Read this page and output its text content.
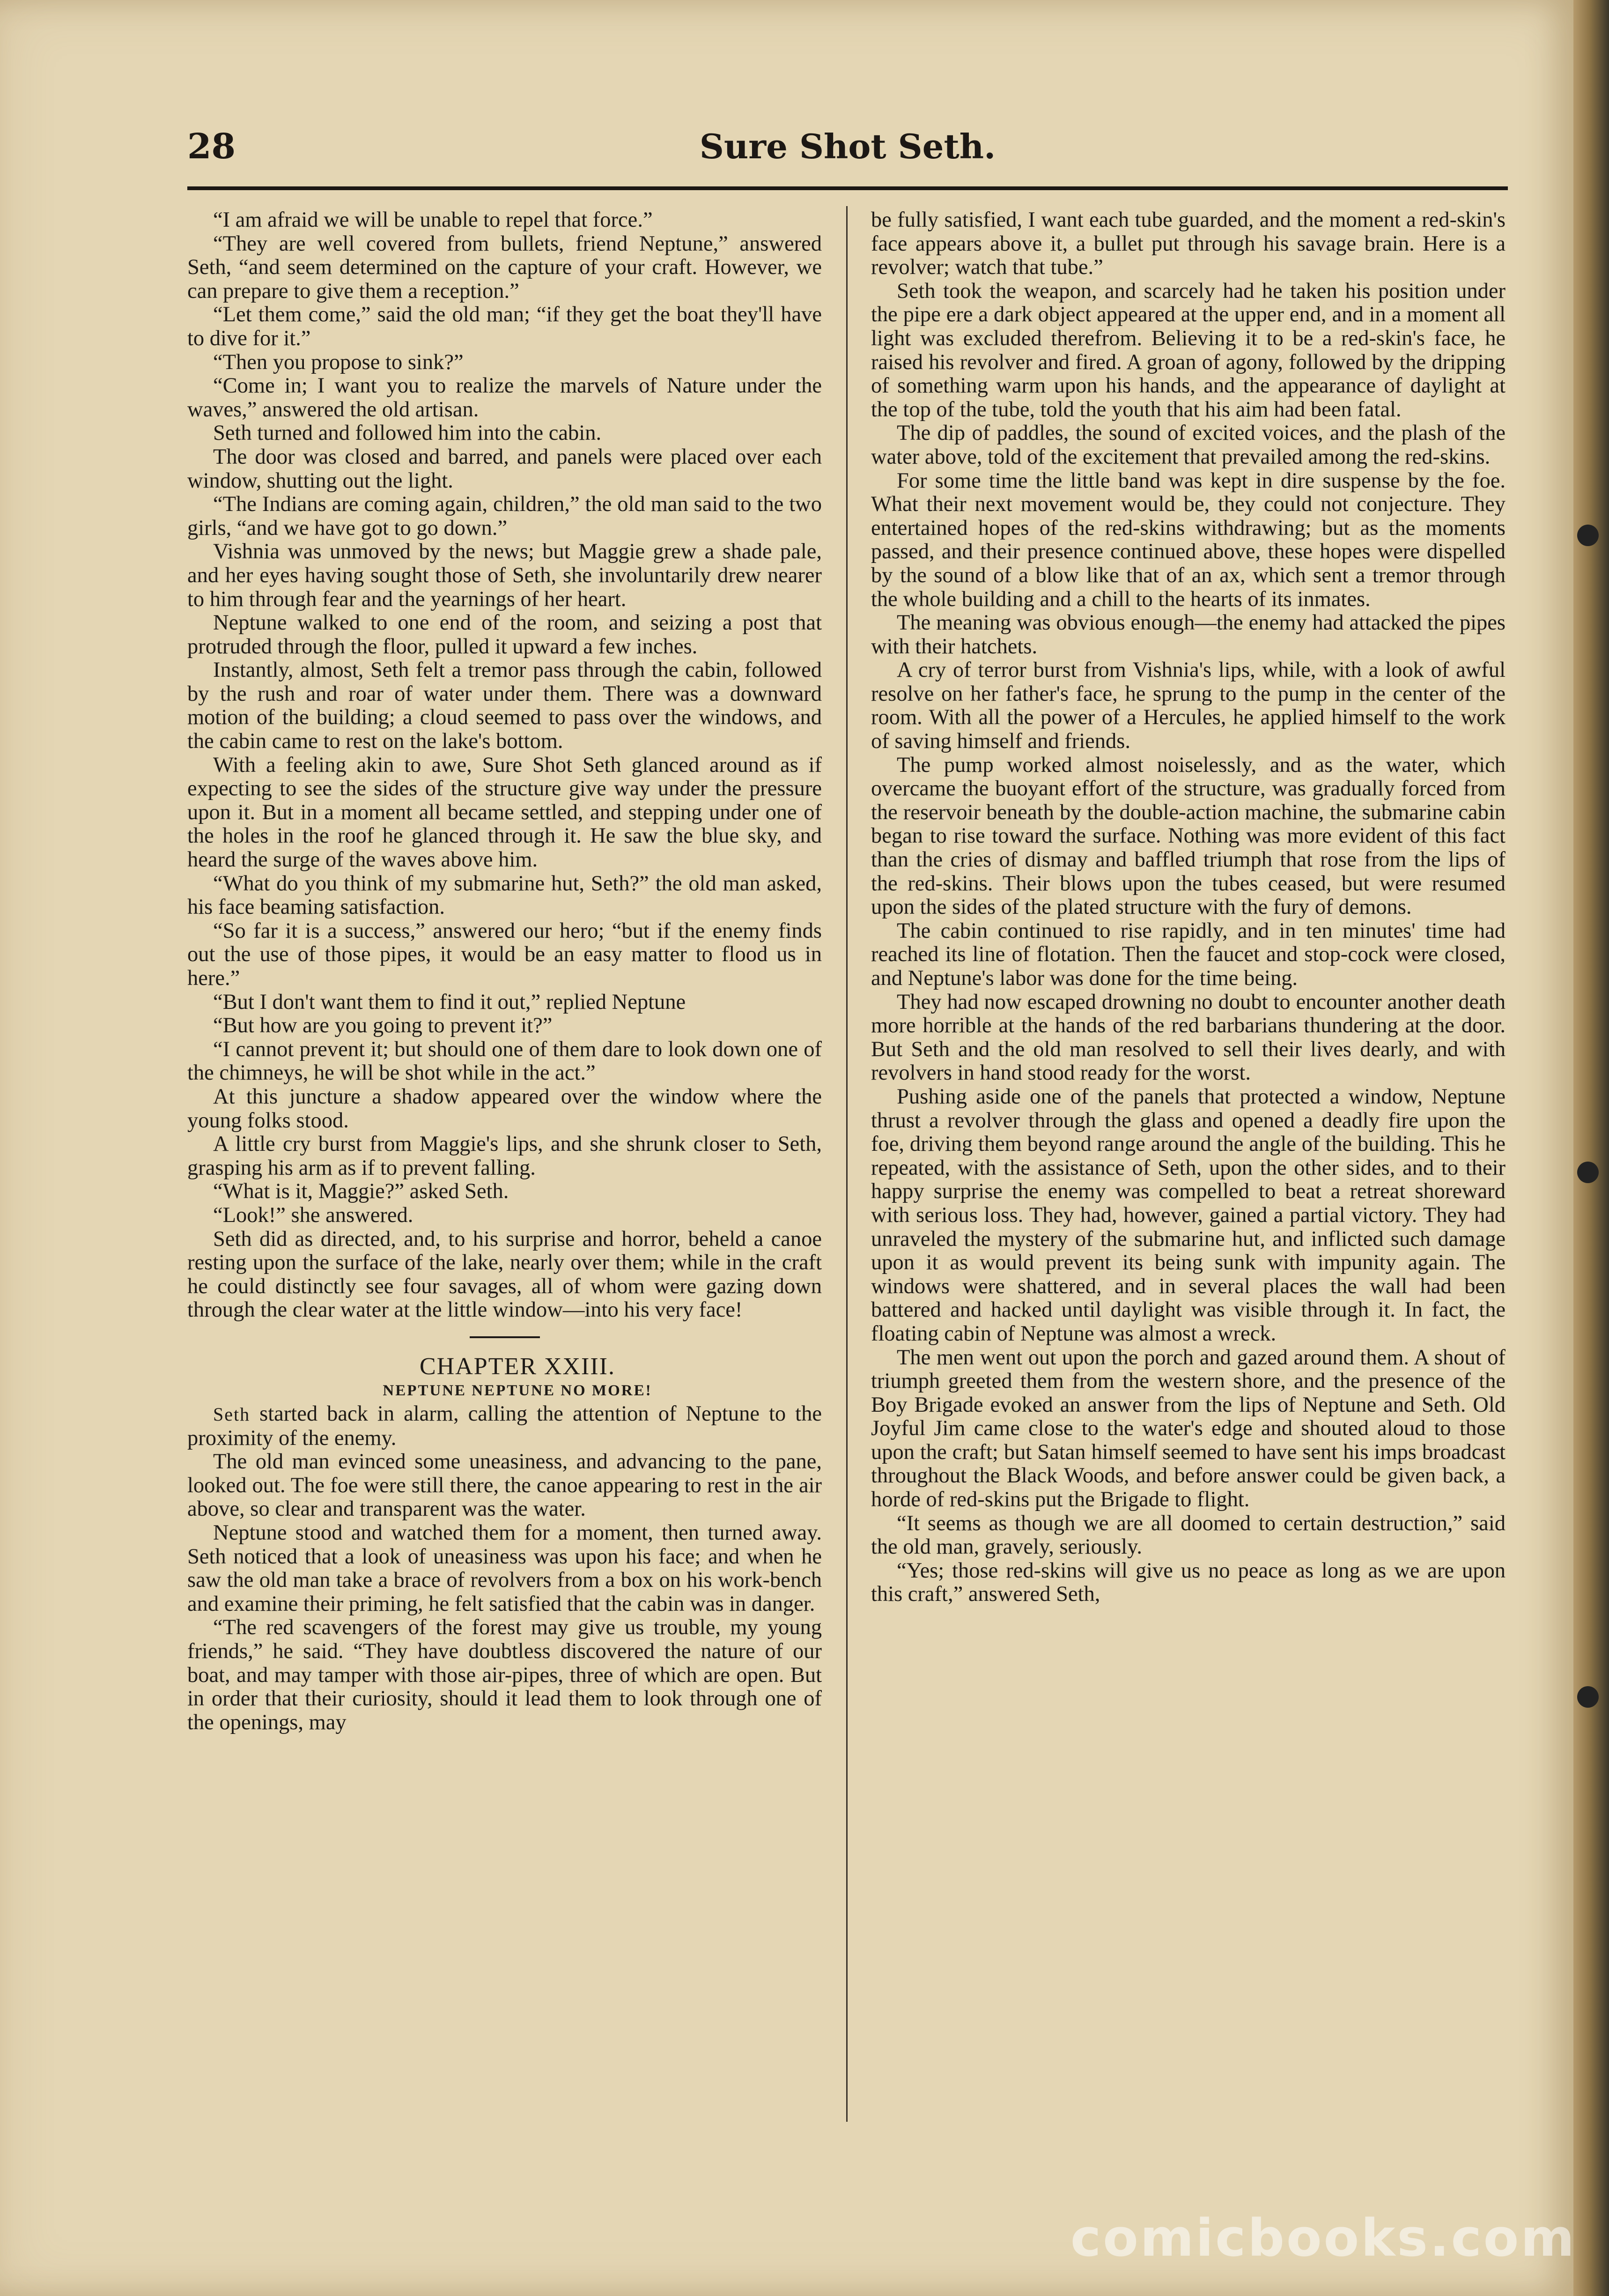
28	Sure Shot Seth.

“I am afraid we will be unable to repel that force.”

“They are well covered from bullets, friend Neptune,” answered Seth, “and seem determined on the capture of your craft. However, we can prepare to give them a reception.”

“Let them come,” said the old man; “if they get the boat they'll have to dive for it.”

“Then you propose to sink?”

“Come in; I want you to realize the marvels of Nature under the waves,” answered the old artisan.

Seth turned and followed him into the cabin.

The door was closed and barred, and panels were placed over each window, shutting out the light.

“The Indians are coming again, children,” the old man said to the two girls, “and we have got to go down.”

Vishnia was unmoved by the news; but Maggie grew a shade pale, and her eyes having sought those of Seth, she involuntarily drew nearer to him through fear and the yearnings of her heart.

Neptune walked to one end of the room, and seizing a post that protruded through the floor, pulled it upward a few inches.

Instantly, almost, Seth felt a tremor pass through the cabin, followed by the rush and roar of water under them. There was a downward motion of the building; a cloud seemed to pass over the windows, and the cabin came to rest on the lake's bottom.

With a feeling akin to awe, Sure Shot Seth glanced around as if expecting to see the sides of the structure give way under the pressure upon it. But in a moment all became settled, and stepping under one of the holes in the roof he glanced through it. He saw the blue sky, and heard the surge of the waves above him.

“What do you think of my submarine hut, Seth?” the old man asked, his face beaming satisfaction.

“So far it is a success,” answered our hero; “but if the enemy finds out the use of those pipes, it would be an easy matter to flood us in here.”

“But I don't want them to find it out,” replied Neptune

“But how are you going to prevent it?”

“I cannot prevent it; but should one of them dare to look down one of the chimneys, he will be shot while in the act.”

At this juncture a shadow appeared over the window where the young folks stood.

A little cry burst from Maggie's lips, and she shrunk closer to Seth, grasping his arm as if to prevent falling.

“What is it, Maggie?” asked Seth.

“Look!” she answered.

Seth did as directed, and, to his surprise and horror, beheld a canoe resting upon the surface of the lake, nearly over them; while in the craft he could distinctly see four savages, all of whom were gazing down through the clear water at the little window—into his very face!

CHAPTER XXIII.

NEPTUNE NEPTUNE NO MORE!

Seth started back in alarm, calling the attention of Neptune to the proximity of the enemy.

The old man evinced some uneasiness, and advancing to the pane, looked out. The foe were still there, the canoe appearing to rest in the air above, so clear and transparent was the water.

Neptune stood and watched them for a moment, then turned away. Seth noticed that a look of uneasiness was upon his face; and when he saw the old man take a brace of revolvers from a box on his work-bench and examine their priming, he felt satisfied that the cabin was in danger.

“The red scavengers of the forest may give us trouble, my young friends,” he said. “They have doubtless discovered the nature of our boat, and may tamper with those air-pipes, three of which are open. But in order that their curiosity, should it lead them to look through one of the openings, may

be fully satisfied, I want each tube guarded, and the moment a red-skin's face appears above it, a bullet put through his savage brain. Here is a revolver; watch that tube.”

Seth took the weapon, and scarcely had he taken his position under the pipe ere a dark object appeared at the upper end, and in a moment all light was excluded therefrom. Believing it to be a red-skin's face, he raised his revolver and fired. A groan of agony, followed by the dripping of something warm upon his hands, and the appearance of daylight at the top of the tube, told the youth that his aim had been fatal.

The dip of paddles, the sound of excited voices, and the plash of the water above, told of the excitement that prevailed among the red-skins.

For some time the little band was kept in dire suspense by the foe. What their next movement would be, they could not conjecture. They entertained hopes of the red-skins withdrawing; but as the moments passed, and their presence continued above, these hopes were dispelled by the sound of a blow like that of an ax, which sent a tremor through the whole building and a chill to the hearts of its inmates.

The meaning was obvious enough—the enemy had attacked the pipes with their hatchets.

A cry of terror burst from Vishnia's lips, while, with a look of awful resolve on her father's face, he sprung to the pump in the center of the room. With all the power of a Hercules, he applied himself to the work of saving himself and friends.

The pump worked almost noiselessly, and as the water, which overcame the buoyant effort of the structure, was gradually forced from the reservoir beneath by the double-action machine, the submarine cabin began to rise toward the surface. Nothing was more evident of this fact than the cries of dismay and baffled triumph that rose from the lips of the red-skins. Their blows upon the tubes ceased, but were resumed upon the sides of the plated structure with the fury of demons.

The cabin continued to rise rapidly, and in ten minutes' time had reached its line of flotation. Then the faucet and stop-cock were closed, and Neptune's labor was done for the time being.

They had now escaped drowning no doubt to encounter another death more horrible at the hands of the red barbarians thundering at the door. But Seth and the old man resolved to sell their lives dearly, and with revolvers in hand stood ready for the worst.

Pushing aside one of the panels that protected a window, Neptune thrust a revolver through the glass and opened a deadly fire upon the foe, driving them beyond range around the angle of the building. This he repeated, with the assistance of Seth, upon the other sides, and to their happy surprise the enemy was compelled to beat a retreat shoreward with serious loss. They had, however, gained a partial victory. They had unraveled the mystery of the submarine hut, and inflicted such damage upon it as would prevent its being sunk with impunity again. The windows were shattered, and in several places the wall had been battered and hacked until daylight was visible through it. In fact, the floating cabin of Neptune was almost a wreck.

The men went out upon the porch and gazed around them. A shout of triumph greeted them from the western shore, and the presence of the Boy Brigade evoked an answer from the lips of Neptune and Seth. Old Joyful Jim came close to the water's edge and shouted aloud to those upon the craft; but Satan himself seemed to have sent his imps broadcast throughout the Black Woods, and before answer could be given back, a horde of red-skins put the Brigade to flight.

“It seems as though we are all doomed to certain destruction,” said the old man, gravely, seriously.

“Yes; those red-skins will give us no peace as long as we are upon this craft,” answered Seth,

comicbooks.com
